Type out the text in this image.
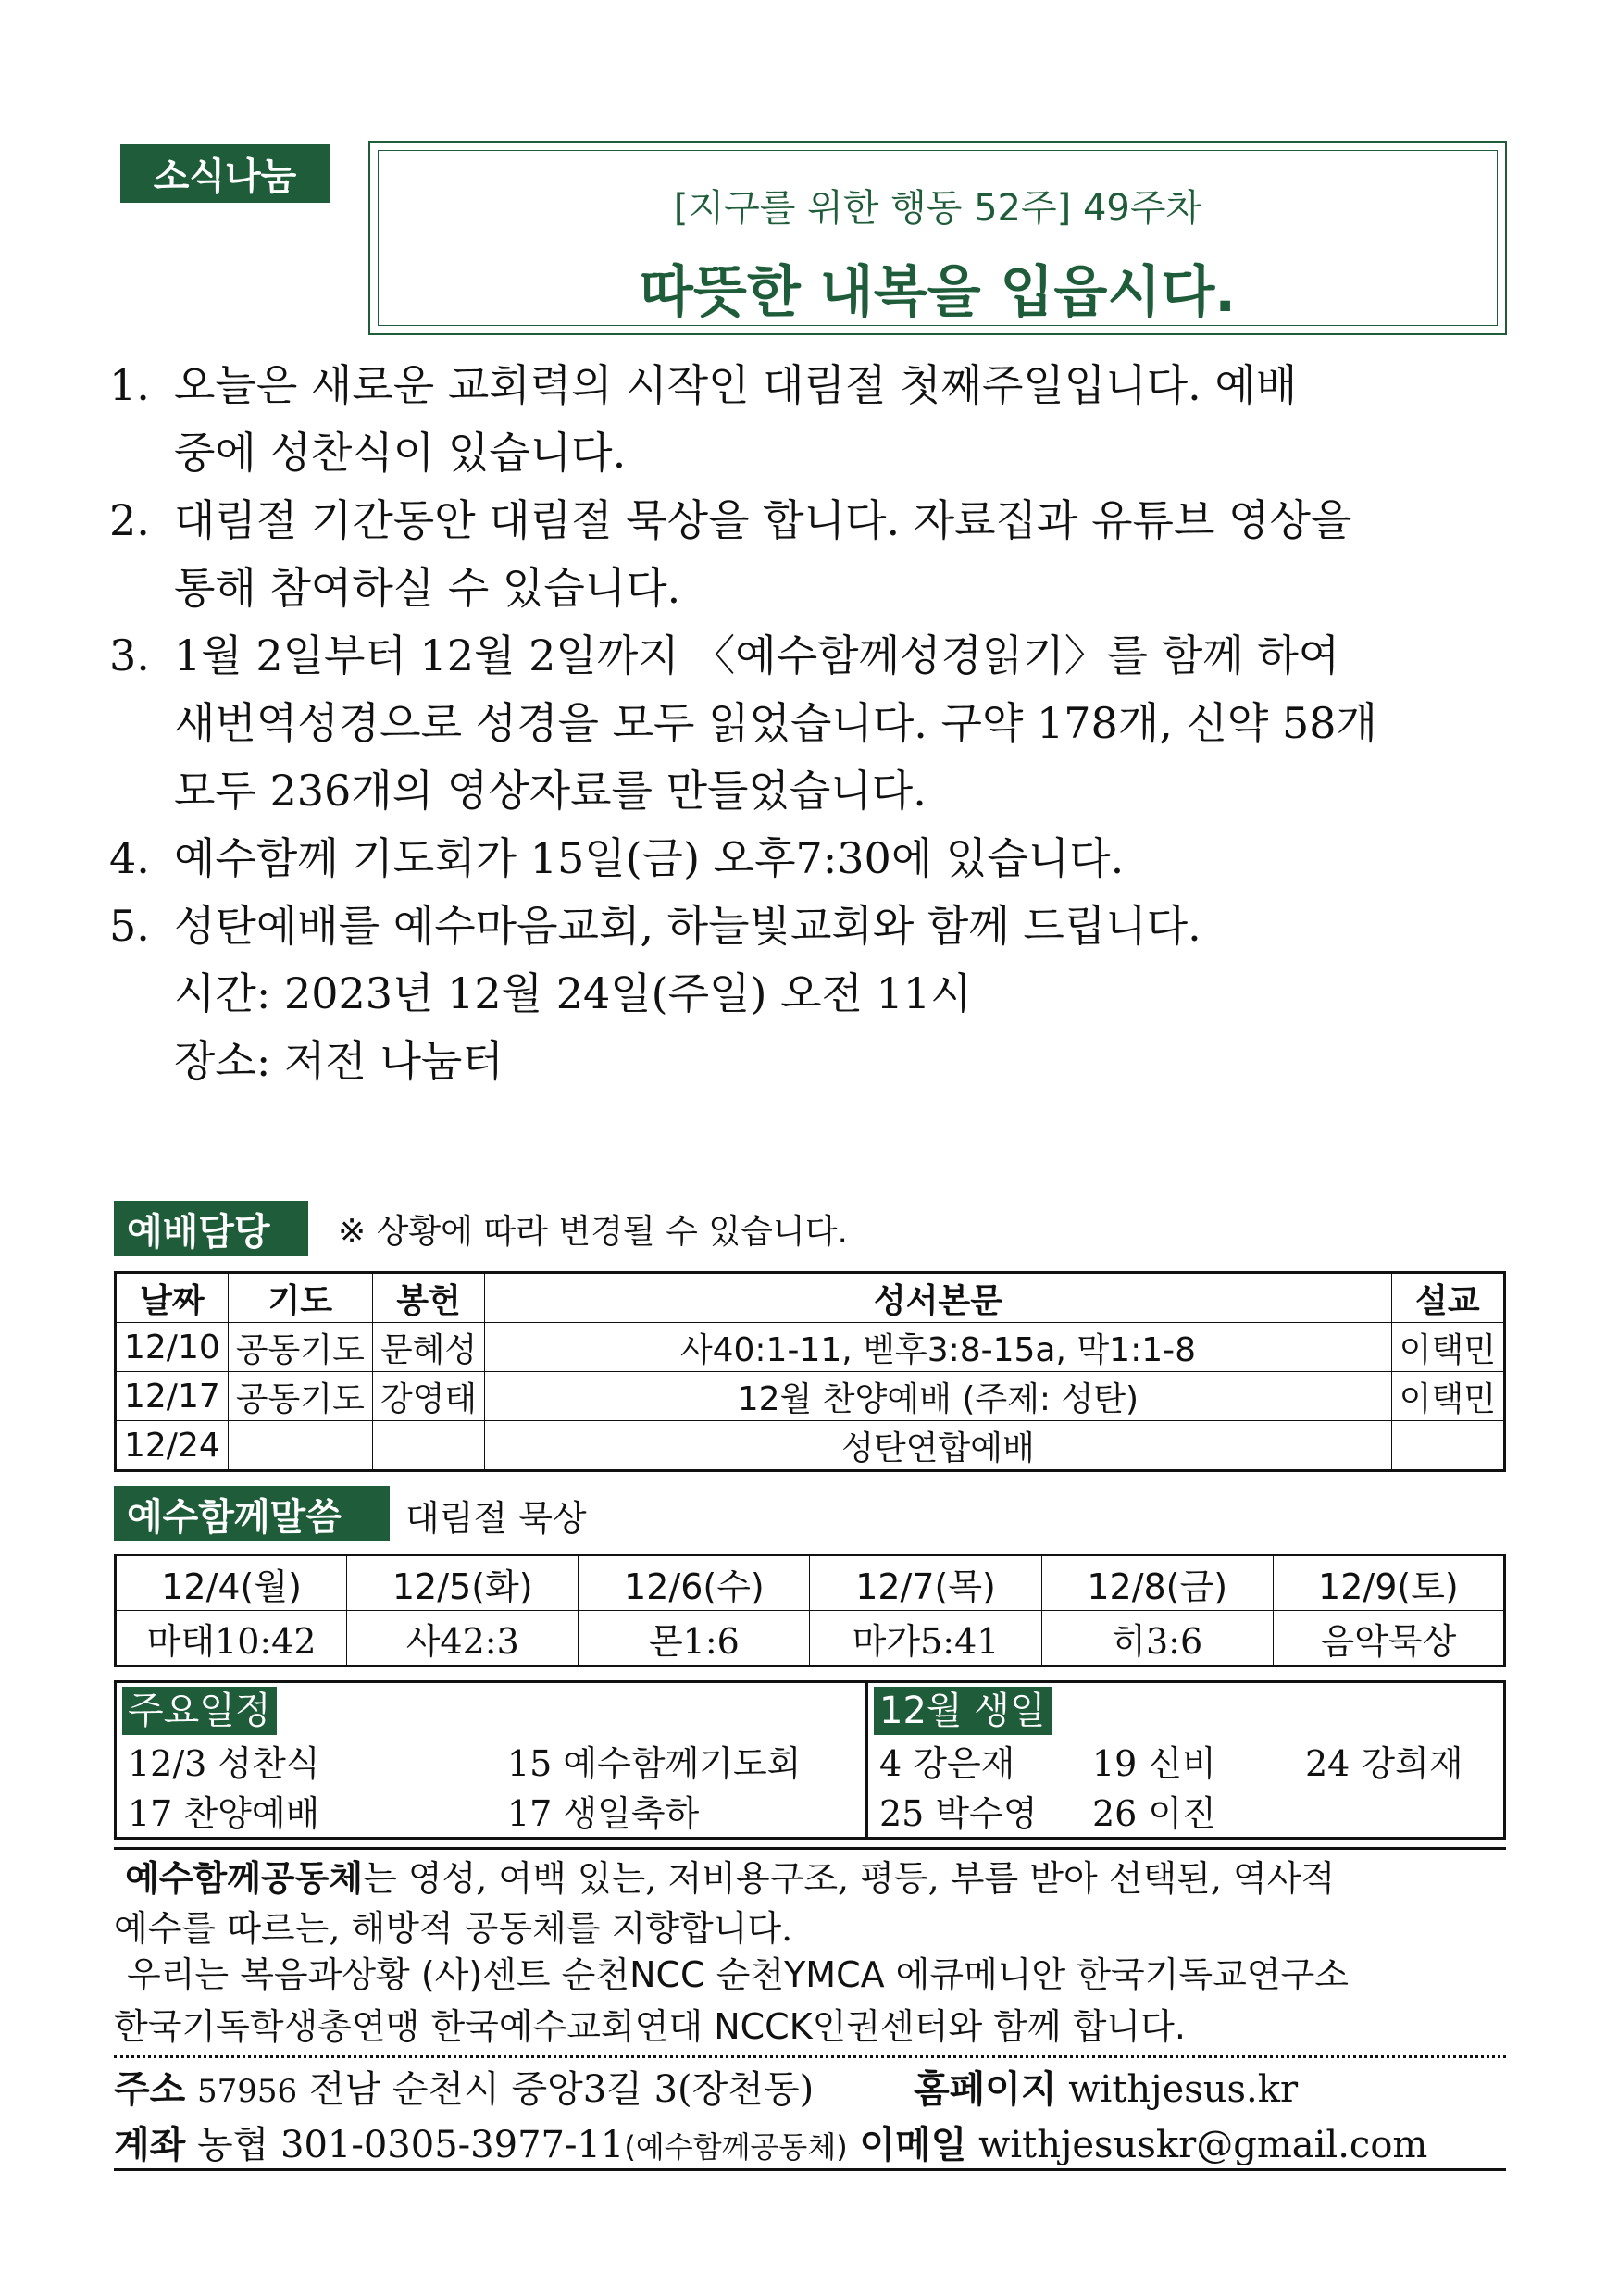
소식나눔
[지구를 위한 행동 52주] 49주차
따뜻한 내복을 입읍시다.
1. 오늘은 새로운 교회력의 시작인 대림절 첫째주일입니다. 예배
중에 성찬식이 있습니다.
2. 대림절 기간동안 대림절 묵상을 합니다. 자료집과 유튜브 영상을
통해 참여하실 수 있습니다.
3. 1월 2일부터 12월 2일까지 〈예수함께성경읽기〉를 함께 하여
새번역성경으로 성경을 모두 읽었습니다. 구약 178개, 신약 58개
모두 236개의 영상자료를 만들었습니다.
4. 예수함께 기도회가 15일(금) 오후7:30에 있습니다.
5. 성탄예배를 예수마음교회, 하늘빛교회와 함께 드립니다.
시간: 2023년 12월 24일(주일) 오전 11시
장소: 저전 나눔터
예배담당	※ 상황에 따라 변경될 수 있습니다.
날짜	기도	봉헌	성서본문	설교
12/10	공동기도	문혜성	사40:1-11, 벧후3:8-15a, 막1:1-8	이택민
12/17	공동기도	강영태	12월 찬양예배 (주제: 성탄)	이택민
12/24			성탄연합예배	
예수함께말씀	대림절 묵상
12/4(월)	12/5(화)	12/6(수)	12/7(목)	12/8(금)	12/9(토)
마태10:42	사42:3	몬1:6	마가5:41	히3:6	음악묵상
주요일정
12/3 성찬식	15 예수함께기도회
17 찬양예배	17 생일축하
12월 생일
4 강은재	19 신비	24 강희재
25 박수영	26 이진
예수함께공동체는 영성, 여백 있는, 저비용구조, 평등, 부름 받아 선택된, 역사적
예수를 따르는, 해방적 공동체를 지향합니다.
우리는 복음과상황 (사)센트 순천NCC 순천YMCA 에큐메니안 한국기독교연구소
한국기독학생총연맹 한국예수교회연대 NCCK인권센터와 함께 합니다.
주소 57956 전남 순천시 중앙3길 3(장천동)	홈페이지 withjesus.kr
계좌 농협 301-0305-3977-11(예수함께공동체) 이메일 withjesuskr@gmail.com
